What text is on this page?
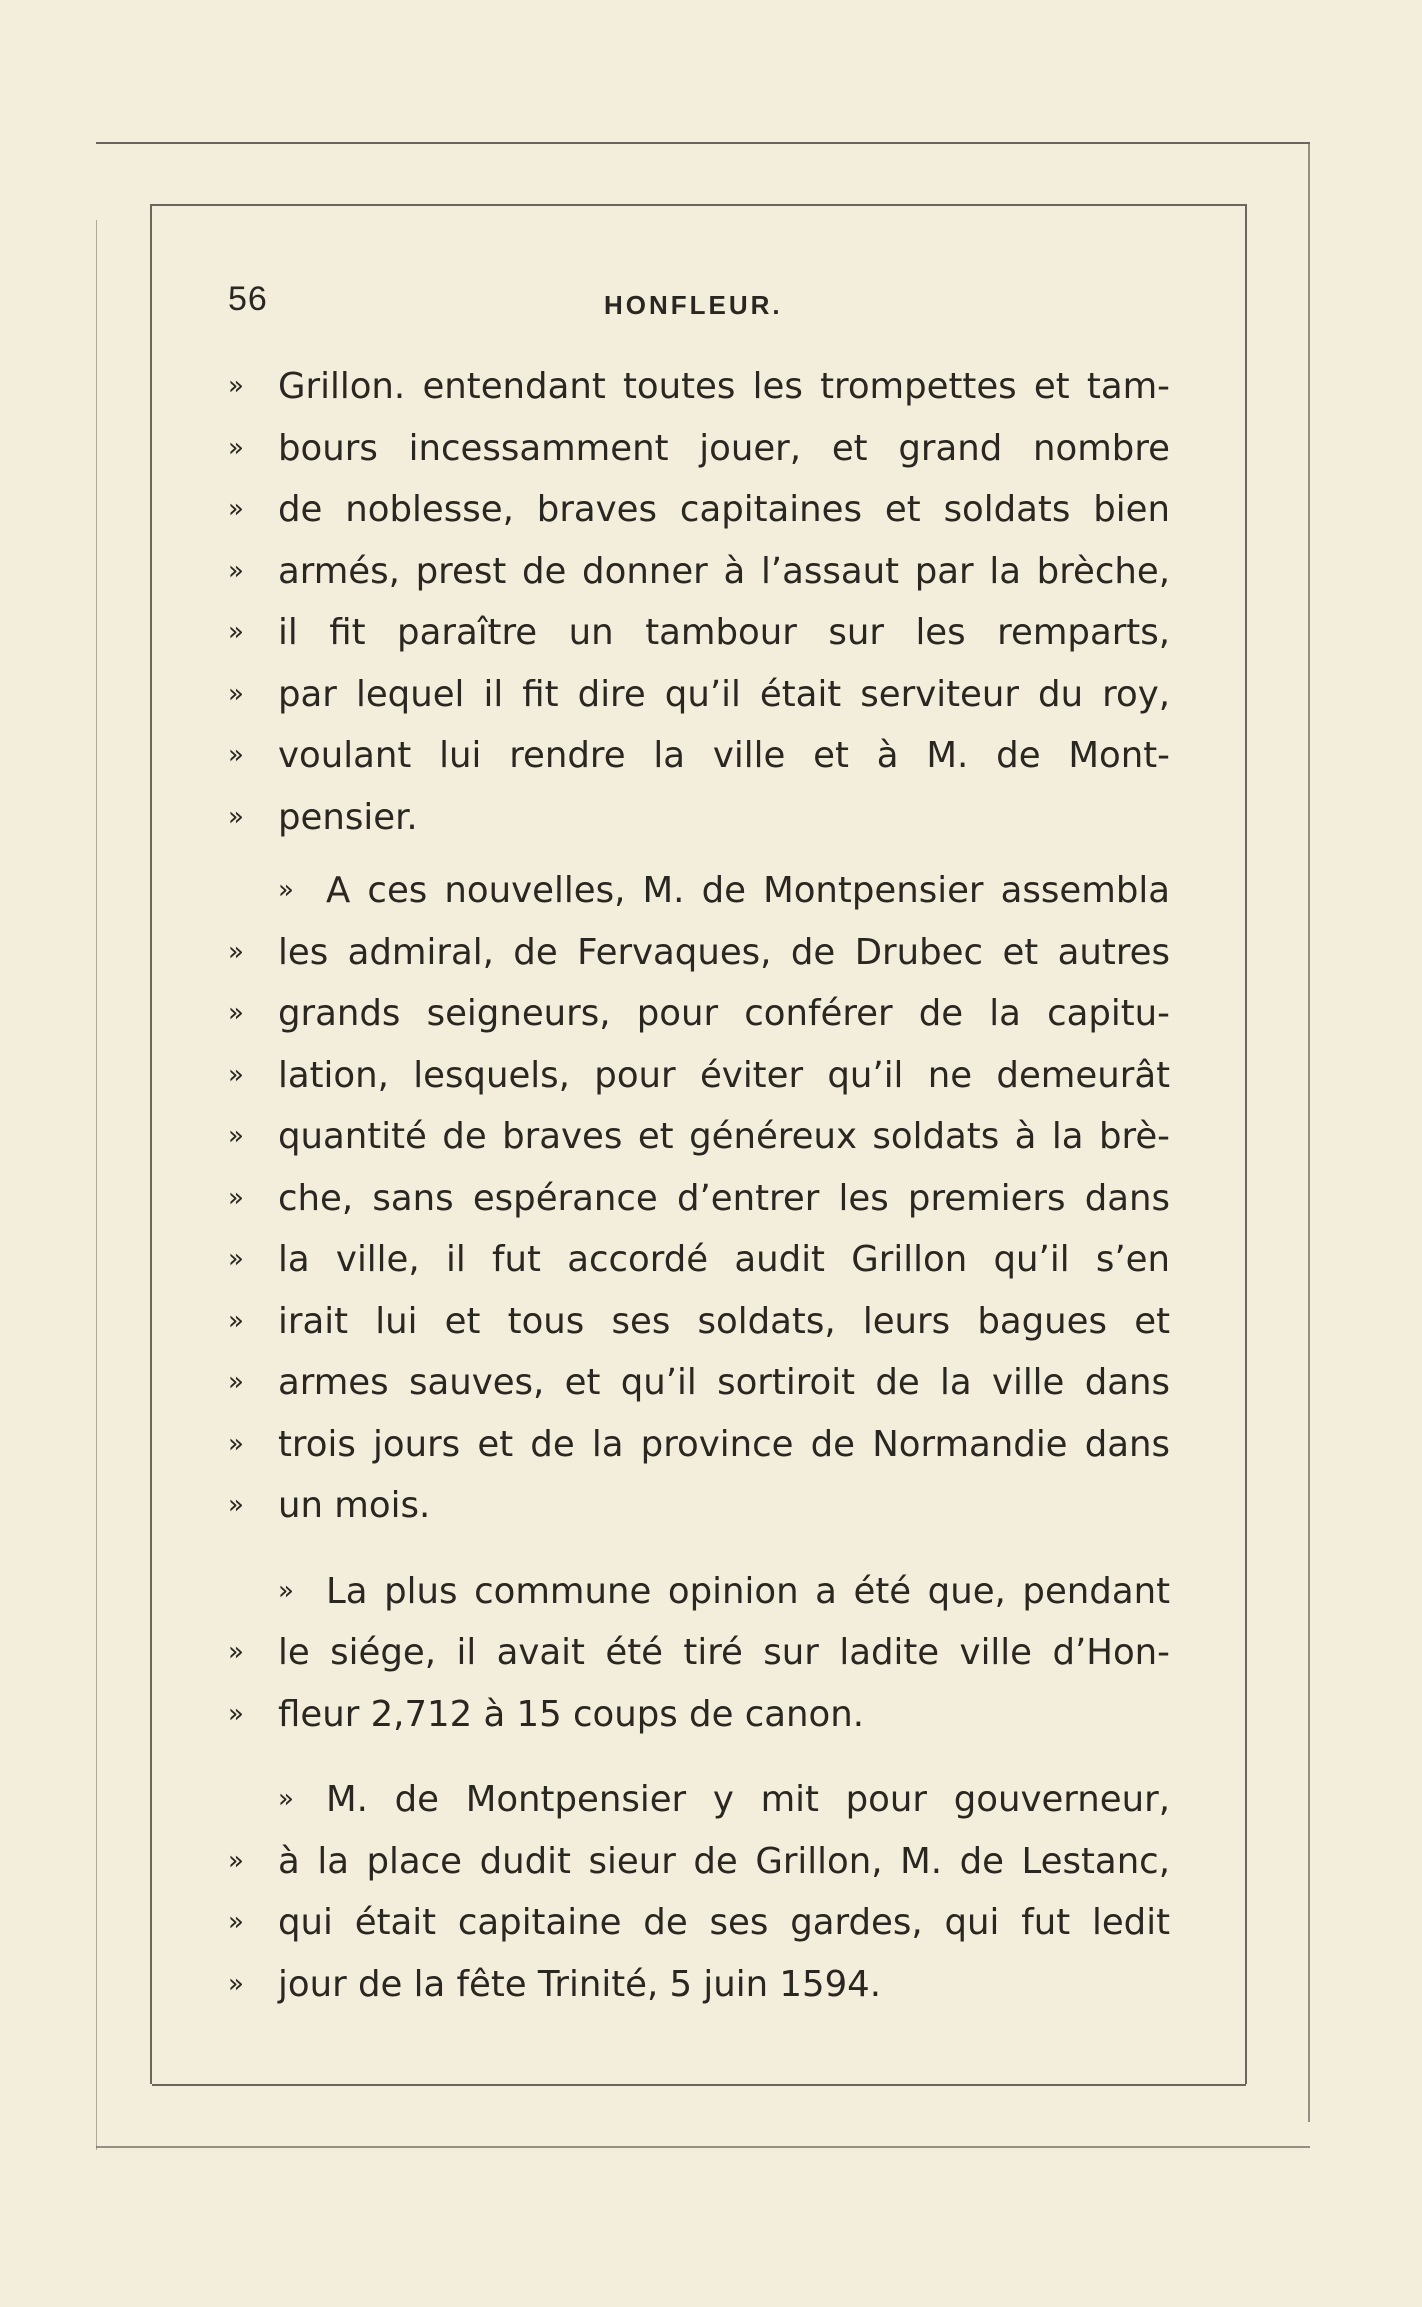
56	HONFLEUR.
» Grillon. entendant toutes les trompettes et tam-
» bours incessamment jouer, et grand nombre
» de noblesse, braves capitaines et soldats bien
» armés, prest de donner à l’assaut par la brèche,
» il fit paraître un tambour sur les remparts,
» par lequel il fit dire qu’il était serviteur du roy,
» voulant lui rendre la ville et à M. de Mont-
» pensier.
» A ces nouvelles, M. de Montpensier assembla
» les admiral, de Fervaques, de Drubec et autres
» grands seigneurs, pour conférer de la capitu-
» lation, lesquels, pour éviter qu’il ne demeurât
» quantité de braves et généreux soldats à la brè-
» che, sans espérance d’entrer les premiers dans
» la ville, il fut accordé audit Grillon qu’il s’en
» irait lui et tous ses soldats, leurs bagues et
» armes sauves, et qu’il sortiroit de la ville dans
» trois jours et de la province de Normandie dans
» un mois.
» La plus commune opinion a été que, pendant
» le siége, il avait été tiré sur ladite ville d’Hon-
» fleur 2,712 à 15 coups de canon.
» M. de Montpensier y mit pour gouverneur,
» à la place dudit sieur de Grillon, M. de Lestanc,
» qui était capitaine de ses gardes, qui fut ledit
» jour de la fête Trinité, 5 juin 1594.
